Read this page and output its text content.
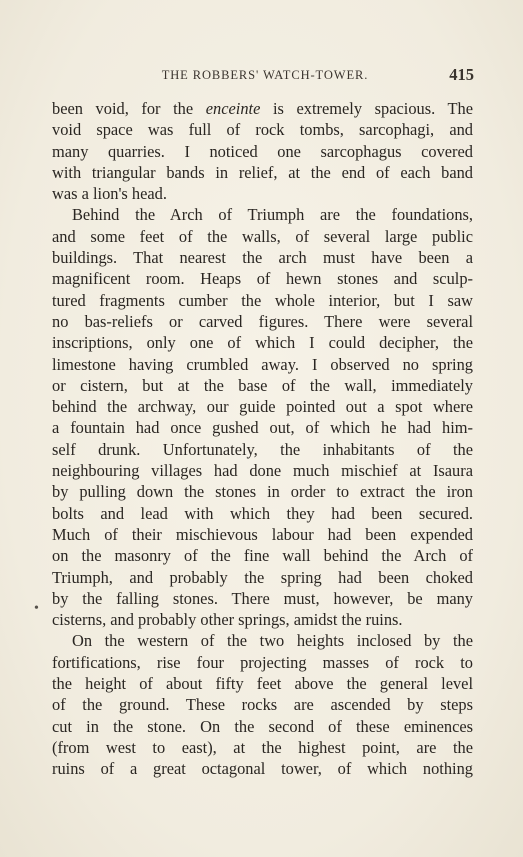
THE ROBBERS' WATCH-TOWER.	415
been void, for the enceinte is extremely spacious. The
void space was full of rock tombs, sarcophagi, and
many quarries. I noticed one sarcophagus covered
with triangular bands in relief, at the end of each band
was a lion's head.
Behind the Arch of Triumph are the foundations,
and some feet of the walls, of several large public
buildings. That nearest the arch must have been a
magnificent room. Heaps of hewn stones and sculp-
tured fragments cumber the whole interior, but I saw
no bas-reliefs or carved figures. There were several
inscriptions, only one of which I could decipher, the
limestone having crumbled away. I observed no spring
or cistern, but at the base of the wall, immediately
behind the archway, our guide pointed out a spot where
a fountain had once gushed out, of which he had him-
self drunk. Unfortunately, the inhabitants of the
neighbouring villages had done much mischief at Isaura
by pulling down the stones in order to extract the iron
bolts and lead with which they had been secured.
Much of their mischievous labour had been expended
on the masonry of the fine wall behind the Arch of
Triumph, and probably the spring had been choked
by the falling stones. There must, however, be many
cisterns, and probably other springs, amidst the ruins.
On the western of the two heights inclosed by the
fortifications, rise four projecting masses of rock to
the height of about fifty feet above the general level
of the ground. These rocks are ascended by steps
cut in the stone. On the second of these eminences
(from west to east), at the highest point, are the
ruins of a great octagonal tower, of which nothing
•
